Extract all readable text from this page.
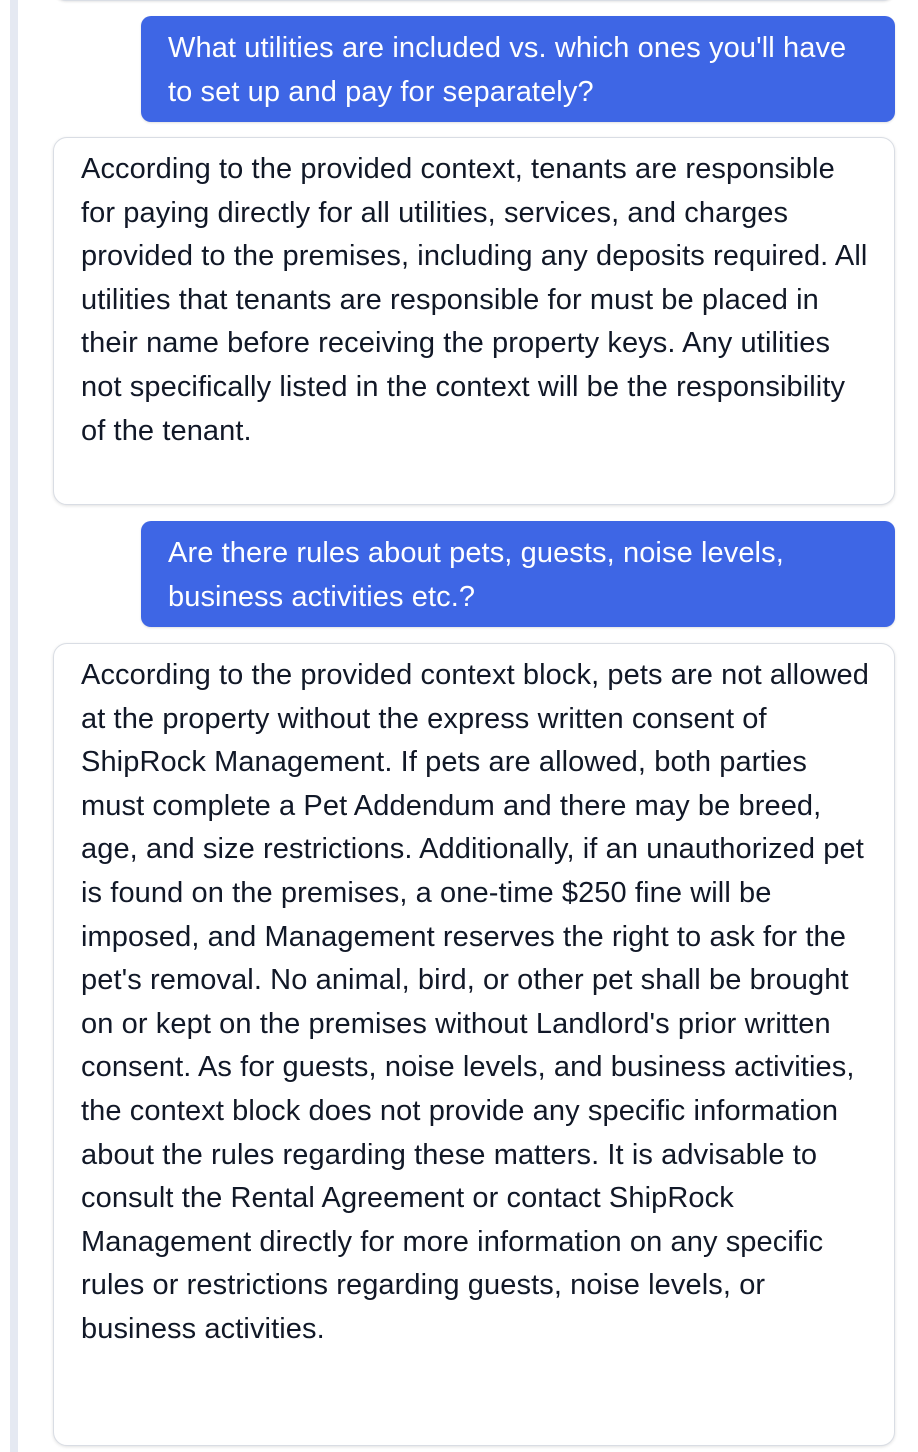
What utilities are included vs. which ones you'll have to set up and pay for separately?
According to the provided context, tenants are responsible for paying directly for all utilities, services, and charges provided to the premises, including any deposits required. All utilities that tenants are responsible for must be placed in their name before receiving the property keys. Any utilities not specifically listed in the context will be the responsibility of the tenant.
Are there rules about pets, guests, noise levels, business activities etc.?
According to the provided context block, pets are not allowed at the property without the express written consent of ShipRock Management. If pets are allowed, both parties must complete a Pet Addendum and there may be breed, age, and size restrictions. Additionally, if an unauthorized pet is found on the premises, a one-time $250 fine will be imposed, and Management reserves the right to ask for the pet's removal. No animal, bird, or other pet shall be brought on or kept on the premises without Landlord's prior written consent. As for guests, noise levels, and business activities, the context block does not provide any specific information about the rules regarding these matters. It is advisable to consult the Rental Agreement or contact ShipRock Management directly for more information on any specific rules or restrictions regarding guests, noise levels, or business activities.
